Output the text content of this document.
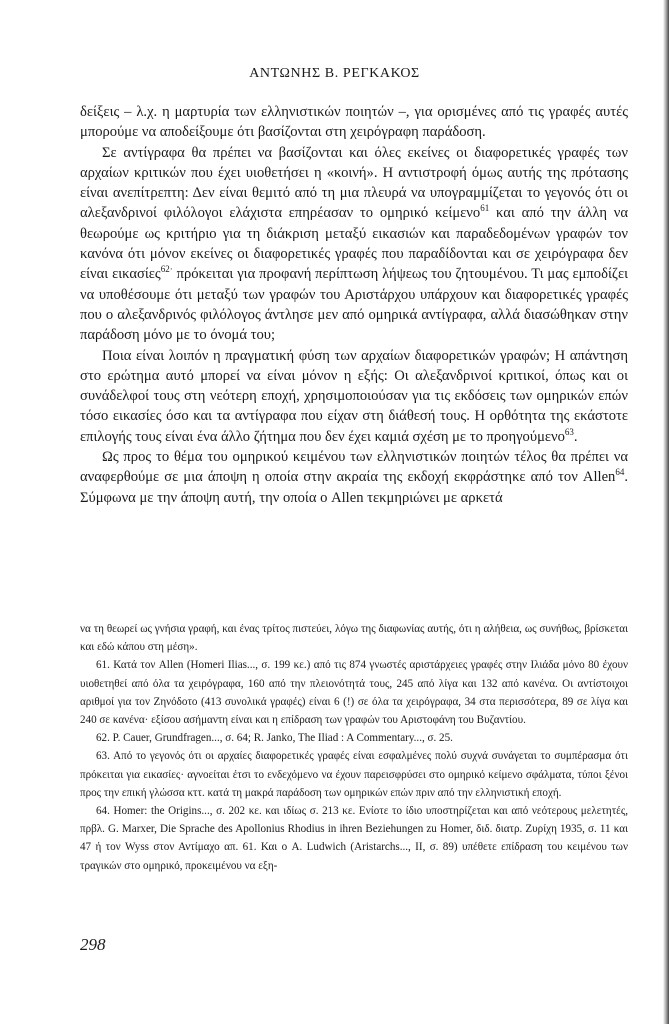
ΑΝΤΩΝΗΣ Β. ΡΕΓΚΑΚΟΣ

δείξεις – λ.χ. η μαρτυρία των ελληνιστικών ποιητών –, για ορισμένες από τις γραφές αυτές μπορούμε να αποδείξουμε ότι βασίζονται στη χειρόγραφη παράδοση.

Σε αντίγραφα θα πρέπει να βασίζονται και όλες εκείνες οι διαφορετικές γραφές των αρχαίων κριτικών που έχει υιοθετήσει η «κοινή». Η αντιστροφή όμως αυτής της πρότασης είναι ανεπίτρεπτη: Δεν είναι θεμιτό από τη μια πλευρά να υπογραμμίζεται το γεγονός ότι οι αλεξανδρινοί φιλόλογοι ελάχιστα επηρέασαν το ομηρικό κείμενο$^{61}$ και από την άλλη να θεωρούμε ως κριτήριο για τη διάκριση μεταξύ εικασιών και παραδεδομένων γραφών τον κανόνα ότι μόνον εκείνες οι διαφορετικές γραφές που παραδίδονται και σε χειρόγραφα δεν είναι εικασίες$^{62\cdot}$ πρόκειται για προφανή περίπτωση λήψεως του ζητουμένου. Τι μας εμποδίζει να υποθέσουμε ότι μεταξύ των γραφών του Αριστάρχου υπάρχουν και διαφορετικές γραφές που ο αλεξανδρινός φιλόλογος άντλησε μεν από ομηρικά αντίγραφα, αλλά διασώθηκαν στην παράδοση μόνο με το όνομά του;

Ποια είναι λοιπόν η πραγματική φύση των αρχαίων διαφορετικών γραφών; Η απάντηση στο ερώτημα αυτό μπορεί να είναι μόνον η εξής: Οι αλεξανδρινοί κριτικοί, όπως και οι συνάδελφοί τους στη νεότερη εποχή, χρησιμοποιούσαν για τις εκδόσεις των ομηρικών επών τόσο εικασίες όσο και τα αντίγραφα που είχαν στη διάθεσή τους. Η ορθότητα της εκάστοτε επιλογής τους είναι ένα άλλο ζήτημα που δεν έχει καμιά σχέση με το προηγούμενο$^{63}$.

Ως προς το θέμα του ομηρικού κειμένου των ελληνιστικών ποιητών τέλος θα πρέπει να αναφερθούμε σε μια άποψη η οποία στην ακραία της εκδοχή εκφράστηκε από τον Allen$^{64}$. Σύμφωνα με την άποψη αυτή, την οποία ο Allen τεκμηριώνει με αρκετά

να τη θεωρεί ως γνήσια γραφή, και ένας τρίτος πιστεύει, λόγω της διαφωνίας αυτής, ότι η αλήθεια, ως συνήθως, βρίσκεται και εδώ κάπου στη μέση».

61. Κατά τον Allen (Homeri Ilias..., σ. 199 κε.) από τις 874 γνωστές αριστάρχειες γραφές στην Ιλιάδα μόνο 80 έχουν υιοθετηθεί από όλα τα χειρόγραφα, 160 από την πλειονότητά τους, 245 από λίγα και 132 από κανένα. Οι αντίστοιχοι αριθμοί για τον Ζηνόδοτο (413 συνολικά γραφές) είναι 6 (!) σε όλα τα χειρόγραφα, 34 στα περισσότερα, 89 σε λίγα και 240 σε κανένα· εξίσου ασήμαντη είναι και η επίδραση των γραφών του Αριστοφάνη του Βυζαντίου.

62. P. Cauer, Grundfragen..., σ. 64; R. Janko, The Iliad : A Commentary..., σ. 25.

63. Από το γεγονός ότι οι αρχαίες διαφορετικές γραφές είναι εσφαλμένες πολύ συχνά συνάγεται το συμπέρασμα ότι πρόκειται για εικασίες· αγνοείται έτσι το ενδεχόμενο να έχουν παρεισφρύσει στο ομηρικό κείμενο σφάλματα, τύποι ξένοι προς την επική γλώσσα κττ. κατά τη μακρά παράδοση των ομηρικών επών πριν από την ελληνιστική εποχή.

64. Homer: the Origins..., σ. 202 κε. και ιδίως σ. 213 κε. Ενίοτε το ίδιο υποστηρίζεται και από νεότερους μελετητές, πρβλ. G. Marxer, Die Sprache des Apollonius Rhodius in ihren Beziehungen zu Homer, διδ. διατρ. Ζυρίχη 1935, σ. 11 και 47 ή τον Wyss στον Αντίμαχο απ. 61. Και ο A. Ludwich (Aristarchs..., II, σ. 89) υπέθετε επίδραση του κειμένου των τραγικών στο ομηρικό, προκειμένου να εξη-

298
